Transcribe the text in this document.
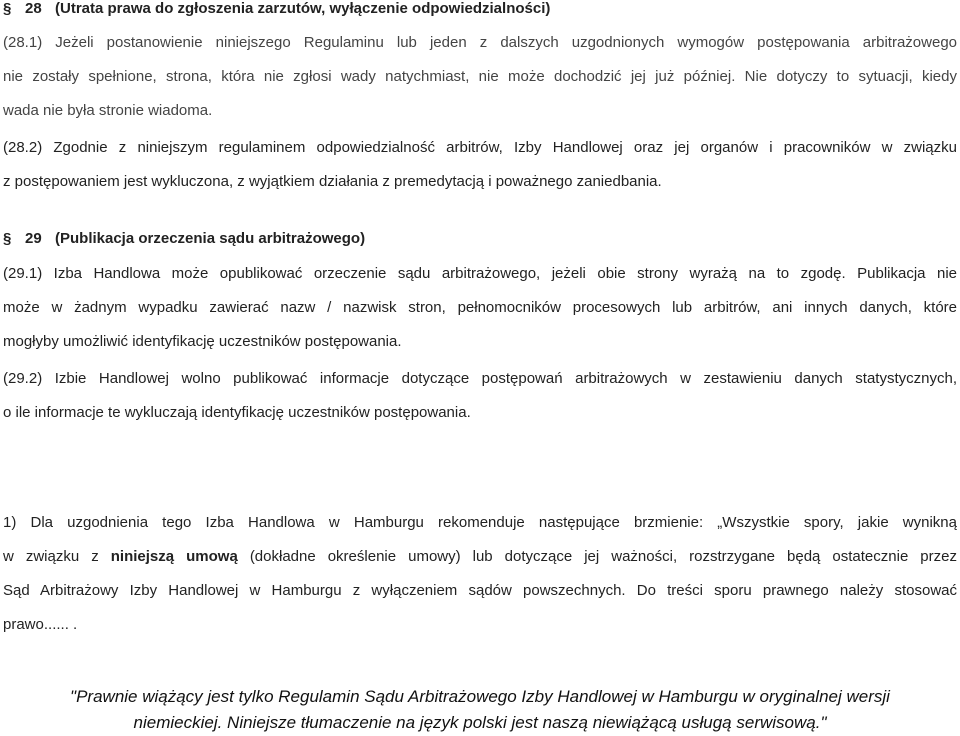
§ 28 (Utrata prawa do zgłoszenia zarzutów, wyłączenie odpowiedzialności)
(28.1) Jeżeli postanowienie niniejszego Regulaminu lub jeden z dalszych uzgodnionych wymogów postępowania arbitrażowego
nie zostały spełnione, strona, która nie zgłosi wady natychmiast, nie może dochodzić jej już później. Nie dotyczy to sytuacji, kiedy
wada nie była stronie wiadoma.
(28.2) Zgodnie z niniejszym regulaminem odpowiedzialność arbitrów, Izby Handlowej oraz jej organów i pracowników w związku
z postępowaniem jest wykluczona, z wyjątkiem działania z premedytacją i poważnego zaniedbania.
§ 29 (Publikacja orzeczenia sądu arbitrażowego)
(29.1) Izba Handlowa może opublikować orzeczenie sądu arbitrażowego, jeżeli obie strony wyrażą na to zgodę. Publikacja nie
może w żadnym wypadku zawierać nazw / nazwisk stron, pełnomocników procesowych lub arbitrów, ani innych danych, które
mogłyby umożliwić identyfikację uczestników postępowania.
(29.2) Izbie Handlowej wolno publikować informacje dotyczące postępowań arbitrażowych w zestawieniu danych statystycznych,
o ile informacje te wykluczają identyfikację uczestników postępowania.
1) Dla uzgodnienia tego Izba Handlowa w Hamburgu rekomenduje następujące brzmienie: „Wszystkie spory, jakie wynikną
w związku z niniejszą umową (dokładne określenie umowy) lub dotyczące jej ważności, rozstrzygane będą ostatecznie przez
Sąd Arbitrażowy Izby Handlowej w Hamburgu z wyłączeniem sądów powszechnych. Do treści sporu prawnego należy stosować
prawo...... .
"Prawnie wiążący jest tylko Regulamin Sądu Arbitrażowego Izby Handlowej w Hamburgu w oryginalnej wersji
niemieckiej. Niniejsze tłumaczenie na język polski jest naszą niewiążącą usługą serwisową."
